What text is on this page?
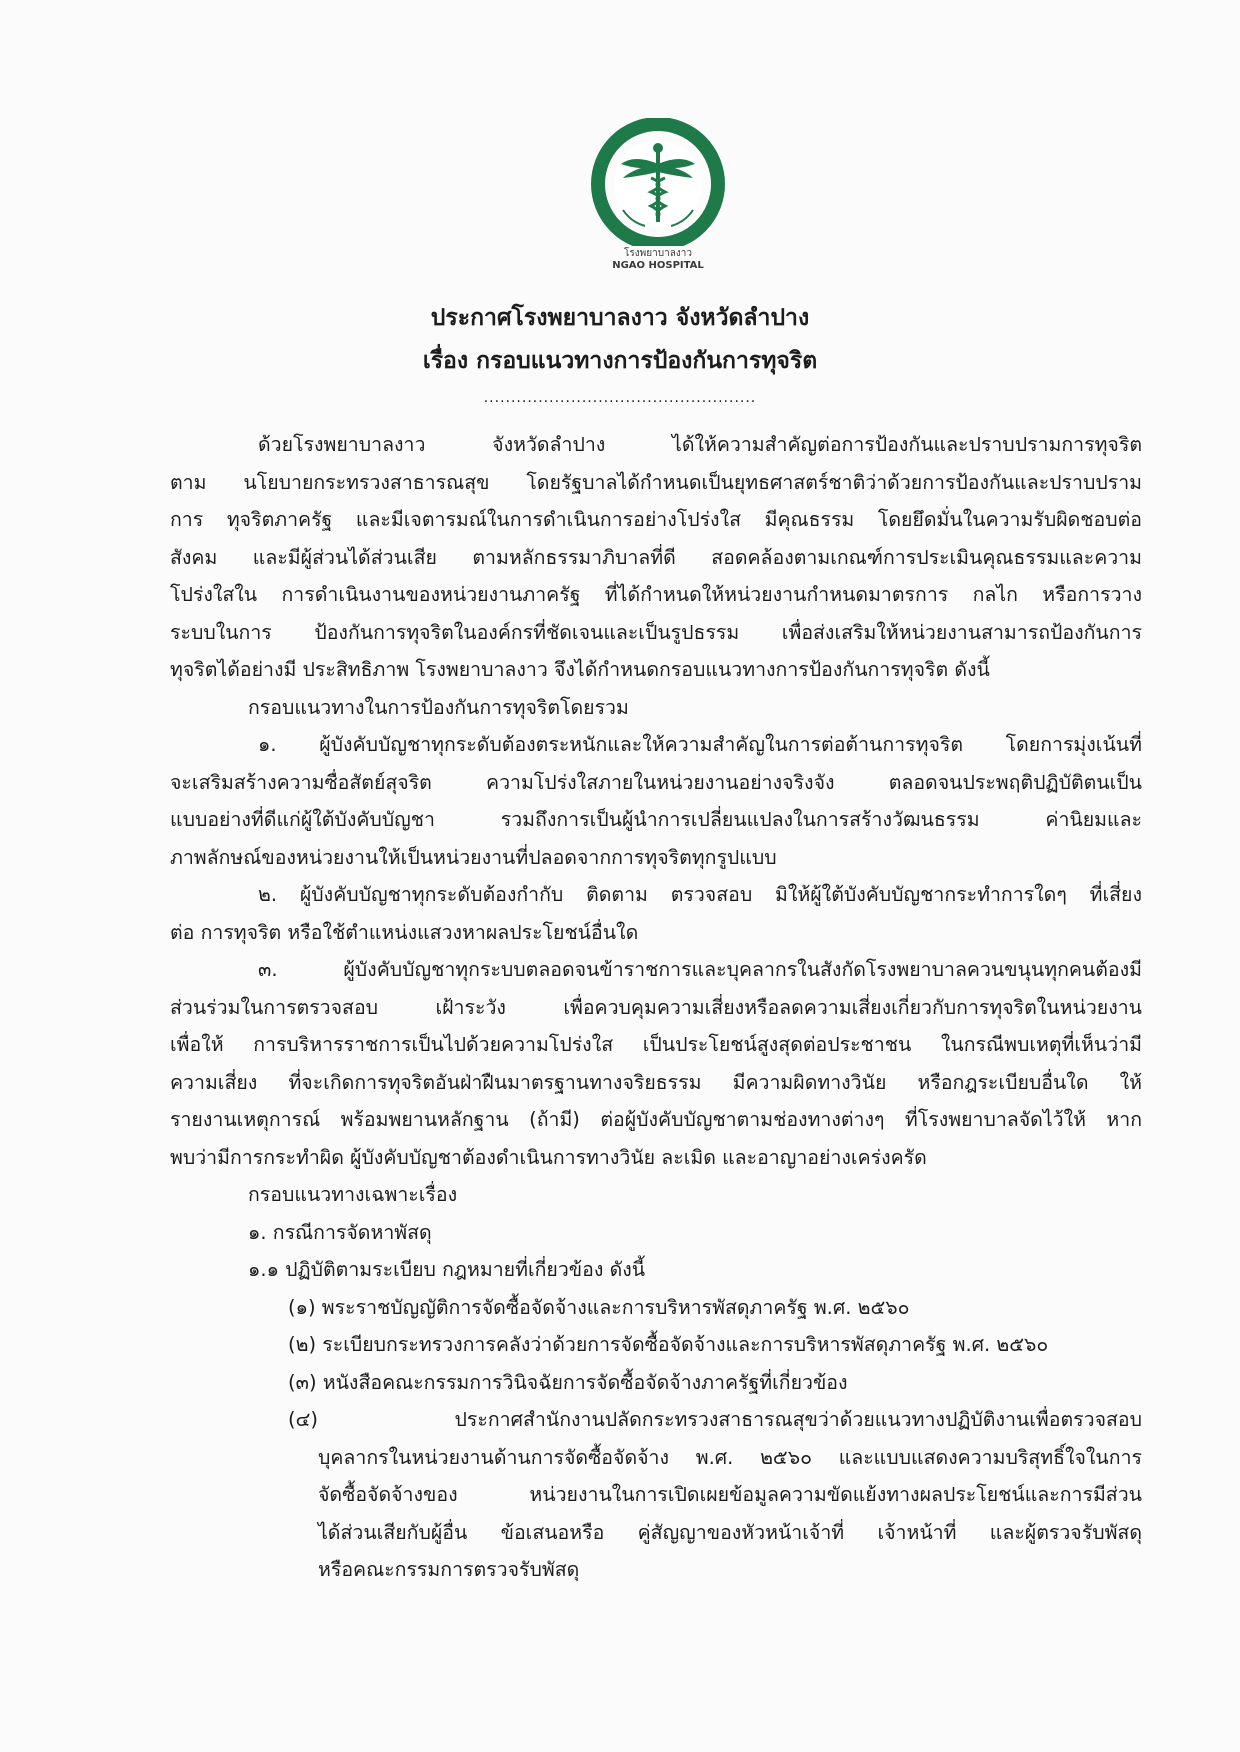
โรงพยาบาลงาว
NGAO HOSPITAL
ประกาศโรงพยาบาลงาว จังหวัดลำปาง
เรื่อง กรอบแนวทางการป้องกันการทุจริต
..................................................

ด้วยโรงพยาบาลงาว จังหวัดลำปาง ได้ให้ความสำคัญต่อการป้องกันและปราบปรามการทุจริต

ตาม นโยบายกระทรวงสาธารณสุข โดยรัฐบาลได้กำหนดเป็นยุทธศาสตร์ชาติว่าด้วยการป้องกันและปราบปราม

การ ทุจริตภาครัฐ และมีเจตารมณ์ในการดำเนินการอย่างโปร่งใส มีคุณธรรม โดยยึดมั่นในความรับผิดชอบต่อ

สังคม และมีผู้ส่วนได้ส่วนเสีย ตามหลักธรรมาภิบาลที่ดี สอดคล้องตามเกณฑ์การประเมินคุณธรรมและความ

โปร่งใสใน การดำเนินงานของหน่วยงานภาครัฐ ที่ได้กำหนดให้หน่วยงานกำหนดมาตรการ กลไก หรือการวาง

ระบบในการ ป้องกันการทุจริตในองค์กรที่ชัดเจนและเป็นรูปธรรม เพื่อส่งเสริมให้หน่วยงานสามารถป้องกันการ

ทุจริตได้อย่างมี ประสิทธิภาพ โรงพยาบาลงาว จึงได้กำหนดกรอบแนวทางการป้องกันการทุจริต ดังนี้

กรอบแนวทางในการป้องกันการทุจริตโดยรวม

๑. ผู้บังคับบัญชาทุกระดับต้องตระหนักและให้ความสำคัญในการต่อต้านการทุจริต โดยการมุ่งเน้นที่

จะเสริมสร้างความซื่อสัตย์สุจริต ความโปร่งใสภายในหน่วยงานอย่างจริงจัง ตลอดจนประพฤติปฏิบัติตนเป็น

แบบอย่างที่ดีแก่ผู้ใต้บังคับบัญชา รวมถึงการเป็นผู้นำการเปลี่ยนแปลงในการสร้างวัฒนธรรม ค่านิยมและ

ภาพลักษณ์ของหน่วยงานให้เป็นหน่วยงานที่ปลอดจากการทุจริตทุกรูปแบบ

๒. ผู้บังคับบัญชาทุกระดับต้องกำกับ ติดตาม ตรวจสอบ มิให้ผู้ใต้บังคับบัญชากระทำการใดๆ ที่เสี่ยง

ต่อ การทุจริต หรือใช้ตำแหน่งแสวงหาผลประโยชน์อื่นใด

๓. ผู้บังคับบัญชาทุกระบบตลอดจนข้าราชการและบุคลากรในสังกัดโรงพยาบาลควนขนุนทุกคนต้องมี

ส่วนร่วมในการตรวจสอบ เฝ้าระวัง เพื่อควบคุมความเสี่ยงหรือลดความเสี่ยงเกี่ยวกับการทุจริตในหน่วยงาน

เพื่อให้ การบริหารราชการเป็นไปด้วยความโปร่งใส เป็นประโยชน์สูงสุดต่อประชาชน ในกรณีพบเหตุที่เห็นว่ามี

ความเสี่ยง ที่จะเกิดการทุจริตอันฝ่าฝืนมาตรฐานทางจริยธรรม มีความผิดทางวินัย หรือกฎระเบียบอื่นใด ให้

รายงานเหตุการณ์ พร้อมพยานหลักฐาน (ถ้ามี) ต่อผู้บังคับบัญชาตามช่องทางต่างๆ ที่โรงพยาบาลจัดไว้ให้ หาก

พบว่ามีการกระทำผิด ผู้บังคับบัญชาต้องดำเนินการทางวินัย ละเมิด และอาญาอย่างเคร่งครัด

กรอบแนวทางเฉพาะเรื่อง

๑. กรณีการจัดหาพัสดุ

๑.๑ ปฏิบัติตามระเบียบ กฎหมายที่เกี่ยวข้อง ดังนี้

(๑) พระราชบัญญัติการจัดซื้อจัดจ้างและการบริหารพัสดุภาครัฐ พ.ศ. ๒๕๖๐

(๒) ระเบียบกระทรวงการคลังว่าด้วยการจัดซื้อจัดจ้างและการบริหารพัสดุภาครัฐ พ.ศ. ๒๕๖๐

(๓) หนังสือคณะกรรมการวินิจฉัยการจัดซื้อจัดจ้างภาครัฐที่เกี่ยวข้อง

(๔) ประกาศสำนักงานปลัดกระทรวงสาธารณสุขว่าด้วยแนวทางปฏิบัติงานเพื่อตรวจสอบ

บุคลากรในหน่วยงานด้านการจัดซื้อจัดจ้าง พ.ศ. ๒๕๖๐ และแบบแสดงความบริสุทธิ์ใจในการ

จัดซื้อจัดจ้างของ หน่วยงานในการเปิดเผยข้อมูลความขัดแย้งทางผลประโยชน์และการมีส่วน

ได้ส่วนเสียกับผู้อื่น ข้อเสนอหรือ คู่สัญญาของหัวหน้าเจ้าที่ เจ้าหน้าที่ และผู้ตรวจรับพัสดุ

หรือคณะกรรมการตรวจรับพัสดุ
